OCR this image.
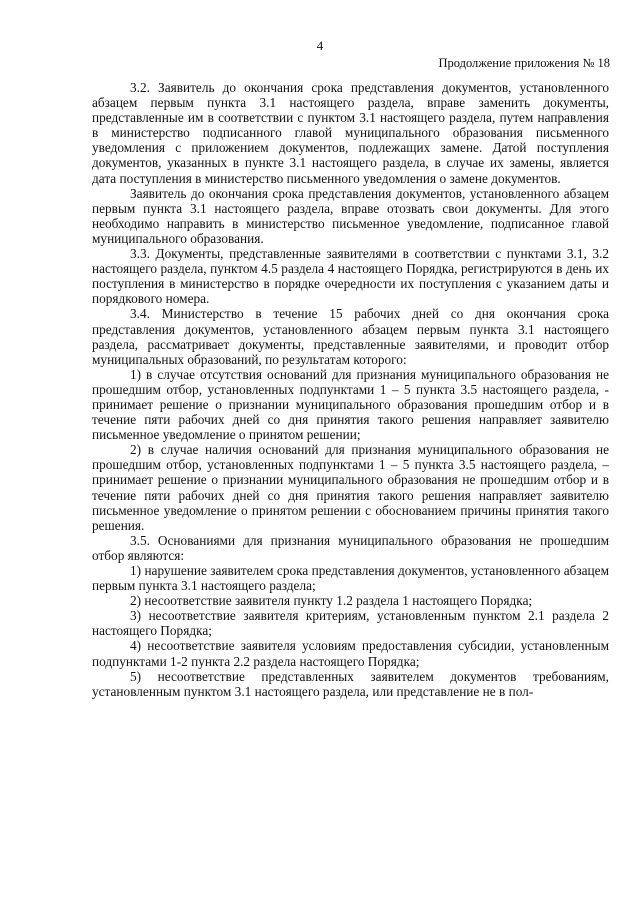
4

Продолжение приложения № 18

3.2. Заявитель до окончания срока представления документов, установленного абзацем первым пункта 3.1 настоящего раздела, вправе заменить документы, представленные им в соответствии с пунктом 3.1 настоящего раздела, путем направления в министерство подписанного главой муниципального образования письменного уведомления с приложением документов, подлежащих замене. Датой поступления документов, указанных в пункте 3.1 настоящего раздела, в случае их замены, является дата поступления в министерство письменного уведомления о замене документов.

Заявитель до окончания срока представления документов, установленного абзацем первым пункта 3.1 настоящего раздела, вправе отозвать свои документы. Для этого необходимо направить в министерство письменное уведомление, подписанное главой муниципального образования.

3.3. Документы, представленные заявителями в соответствии с пунктами 3.1, 3.2 настоящего раздела, пунктом 4.5 раздела 4 настоящего Порядка, регистрируются в день их поступления в министерство в порядке очередности их поступления с указанием даты и порядкового номера.

3.4. Министерство в течение 15 рабочих дней со дня окончания срока представления документов, установленного абзацем первым пункта 3.1 настоящего раздела, рассматривает документы, представленные заявителями, и проводит отбор муниципальных образований, по результатам которого:

1) в случае отсутствия оснований для признания муниципального образования не прошедшим отбор, установленных подпунктами 1 – 5 пункта 3.5 настоящего раздела, - принимает решение о признании муниципального образования прошедшим отбор и в течение пяти рабочих дней со дня принятия такого решения направляет заявителю письменное уведомление о принятом решении;

2) в случае наличия оснований для признания муниципального образования не прошедшим отбор, установленных подпунктами 1 – 5 пункта 3.5 настоящего раздела, – принимает решение о признании муниципального образования не прошедшим отбор и в течение пяти рабочих дней со дня принятия такого решения направляет заявителю письменное уведомление о принятом решении с обоснованием причины принятия такого решения.

3.5. Основаниями для признания муниципального образования не прошедшим отбор являются:

1) нарушение заявителем срока представления документов, установленного абзацем первым пункта 3.1 настоящего раздела;

2) несоответствие заявителя пункту 1.2 раздела 1 настоящего Порядка;

3) несоответствие заявителя критериям, установленным пунктом 2.1 раздела 2 настоящего Порядка;

4) несоответствие заявителя условиям предоставления субсидии, установленным подпунктами 1-2 пункта 2.2 раздела настоящего Порядка;

5) несоответствие представленных заявителем документов требованиям, установленным пунктом 3.1 настоящего раздела, или представление не в пол-
